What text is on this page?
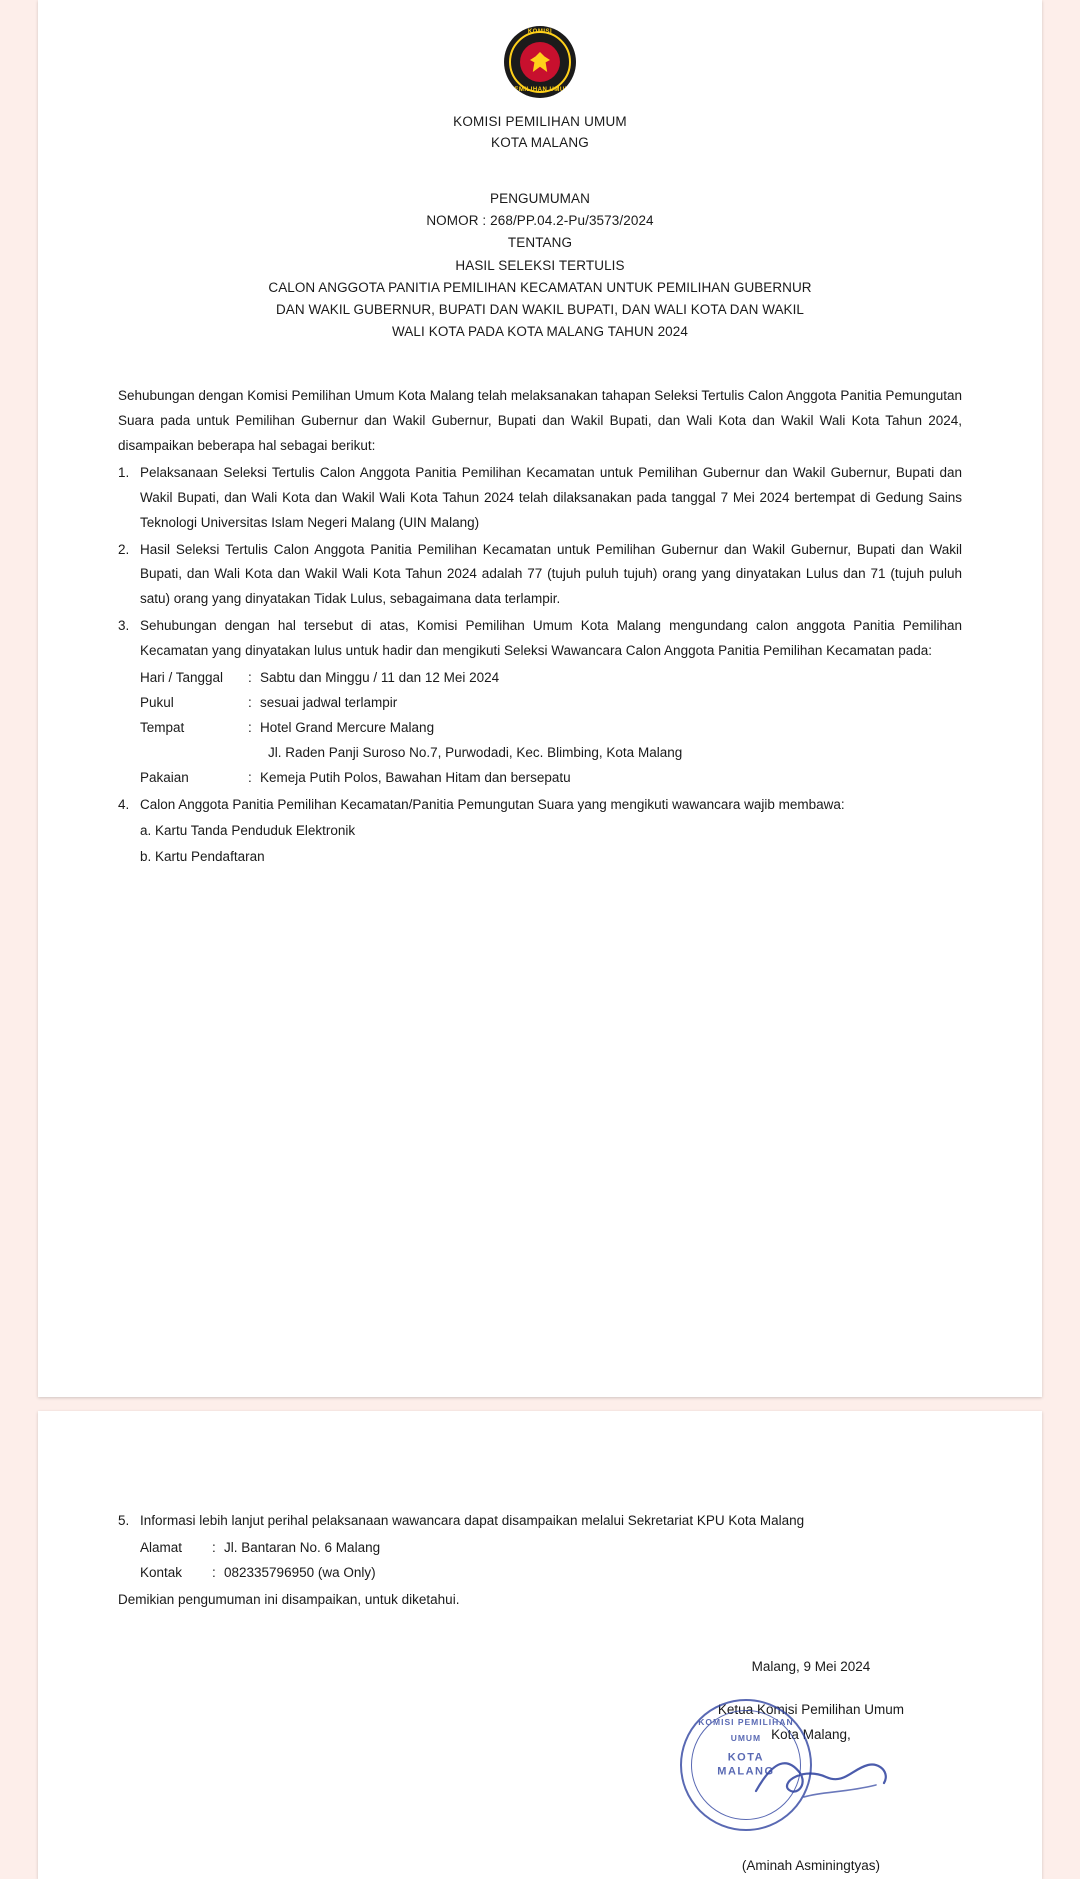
KOMISI
PEMILIHAN UMUM
KOMISI PEMILIHAN UMUM
KOTA MALANG
PENGUMUMAN
NOMOR : 268/PP.04.2-Pu/3573/2024
TENTANG
HASIL SELEKSI TERTULIS
CALON ANGGOTA PANITIA PEMILIHAN KECAMATAN UNTUK PEMILIHAN GUBERNUR
DAN WAKIL GUBERNUR, BUPATI DAN WAKIL BUPATI, DAN WALI KOTA DAN WAKIL
WALI KOTA PADA KOTA MALANG TAHUN 2024
Sehubungan dengan Komisi Pemilihan Umum Kota Malang telah melaksanakan tahapan Seleksi Tertulis Calon Anggota Panitia Pemungutan Suara pada untuk Pemilihan Gubernur dan Wakil Gubernur, Bupati dan Wakil Bupati, dan Wali Kota dan Wakil Wali Kota Tahun 2024, disampaikan beberapa hal sebagai berikut:
1. Pelaksanaan Seleksi Tertulis Calon Anggota Panitia Pemilihan Kecamatan untuk Pemilihan Gubernur dan Wakil Gubernur, Bupati dan Wakil Bupati, dan Wali Kota dan Wakil Wali Kota Tahun 2024 telah dilaksanakan pada tanggal 7 Mei 2024 bertempat di Gedung Sains Teknologi Universitas Islam Negeri Malang (UIN Malang)
2. Hasil Seleksi Tertulis Calon Anggota Panitia Pemilihan Kecamatan untuk Pemilihan Gubernur dan Wakil Gubernur, Bupati dan Wakil Bupati, dan Wali Kota dan Wakil Wali Kota Tahun 2024 adalah 77 (tujuh puluh tujuh) orang yang dinyatakan Lulus dan 71 (tujuh puluh satu) orang yang dinyatakan Tidak Lulus, sebagaimana data terlampir.
3. Sehubungan dengan hal tersebut di atas, Komisi Pemilihan Umum Kota Malang mengundang calon anggota Panitia Pemilihan Kecamatan yang dinyatakan lulus untuk hadir dan mengikuti Seleksi Wawancara Calon Anggota Panitia Pemilihan Kecamatan pada:
Hari / Tanggal	: Sabtu dan Minggu / 11 dan 12 Mei 2024
Pukul	: sesuai jadwal terlampir
Tempat	: Hotel Grand Mercure Malang
Jl. Raden Panji Suroso No.7, Purwodadi, Kec. Blimbing, Kota Malang
Pakaian	: Kemeja Putih Polos, Bawahan Hitam dan bersepatu
4. Calon Anggota Panitia Pemilihan Kecamatan/Panitia Pemungutan Suara yang mengikuti wawancara wajib membawa:
a. Kartu Tanda Penduduk Elektronik
b. Kartu Pendaftaran
5. Informasi lebih lanjut perihal pelaksanaan wawancara dapat disampaikan melalui Sekretariat KPU Kota Malang
Alamat	: Jl. Bantaran No. 6 Malang
Kontak	: 082335796950 (wa Only)
Demikian pengumuman ini disampaikan, untuk diketahui.
Malang, 9 Mei 2024
Ketua Komisi Pemilihan Umum
Kota Malang,
KOMISI PEMILIHAN UMUM
KOTA
MALANG
(Aminah Asminingtyas)
